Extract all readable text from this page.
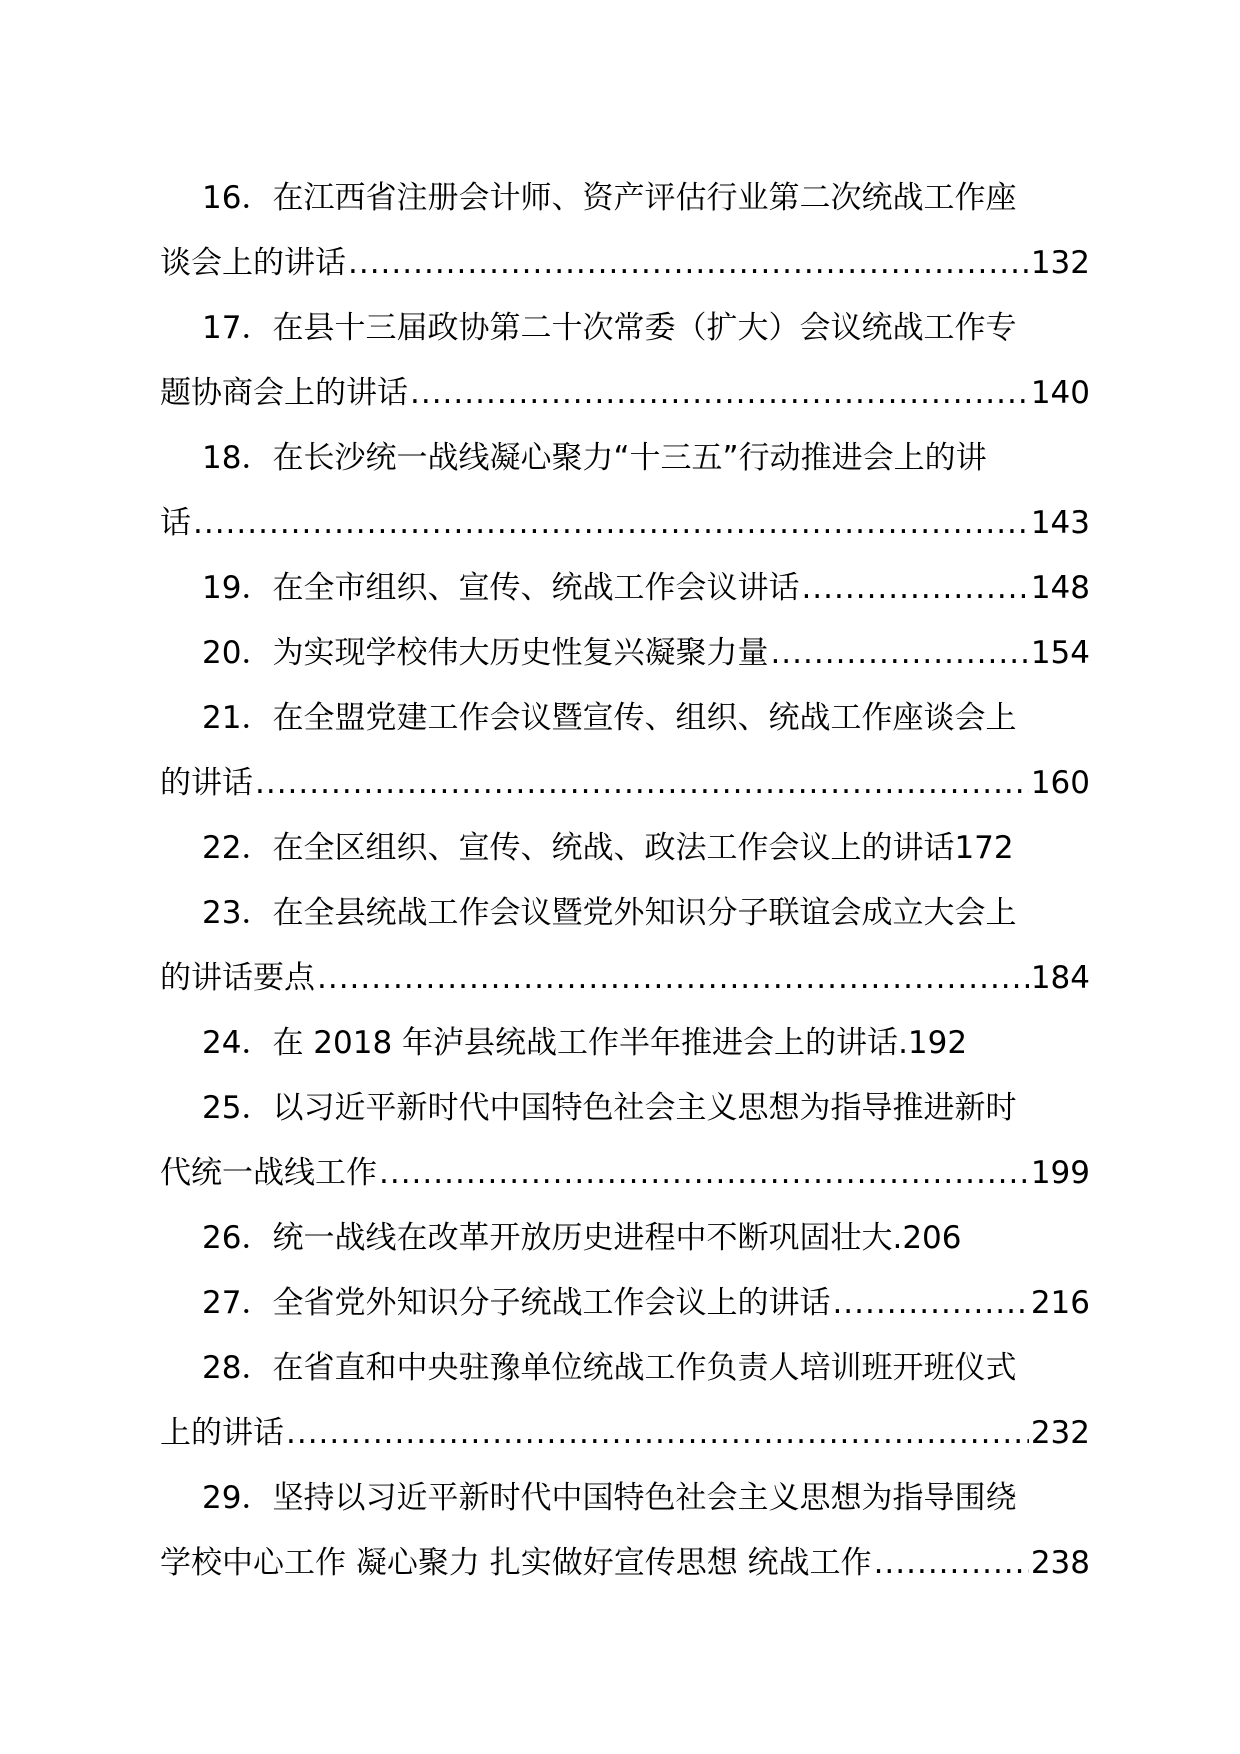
16 ． 在江西省注册会计师、资产评估行业第二次统战工作座
谈会上的讲话 .....	132
17 ． 在县十三届政协第二十次常委（扩大）会议统战工作专
题协商会上的讲话 .....	140
18 ． 在长沙统一战线凝心聚力“十三五”行动推进会上的讲
话 .....	143
19 ． 在全市组织、宣传、统战工作会议讲话 .....	148
20 ． 为实现学校伟大历史性复兴凝聚力量 .....	154
21 ． 在全盟党建工作会议暨宣传、组织、统战工作座谈会上
的讲话 .....	160
22 ． 在全区组织、宣传、统战、政法工作会议上的讲话 172
23 ． 在全县统战工作会议暨党外知识分子联谊会成立大会上
的讲话要点 .....	184
24 ． 在 2018 年泸县统战工作半年推进会上的讲话 . 192
25 ． 以习近平新时代中国特色社会主义思想为指导推进新时
代统一战线工作 .....	199
26 ． 统一战线在改革开放历史进程中不断巩固壮大 . 206
27 ． 全省党外知识分子统战工作会议上的讲话 .....	216
28 ． 在省直和中央驻豫单位统战工作负责人培训班开班仪式
上的讲话 .....	232
29 ． 坚持以习近平新时代中国特色社会主义思想为指导围绕
学校中心工作 凝心聚力 扎实做好宣传思想 统战工作 .....	238
